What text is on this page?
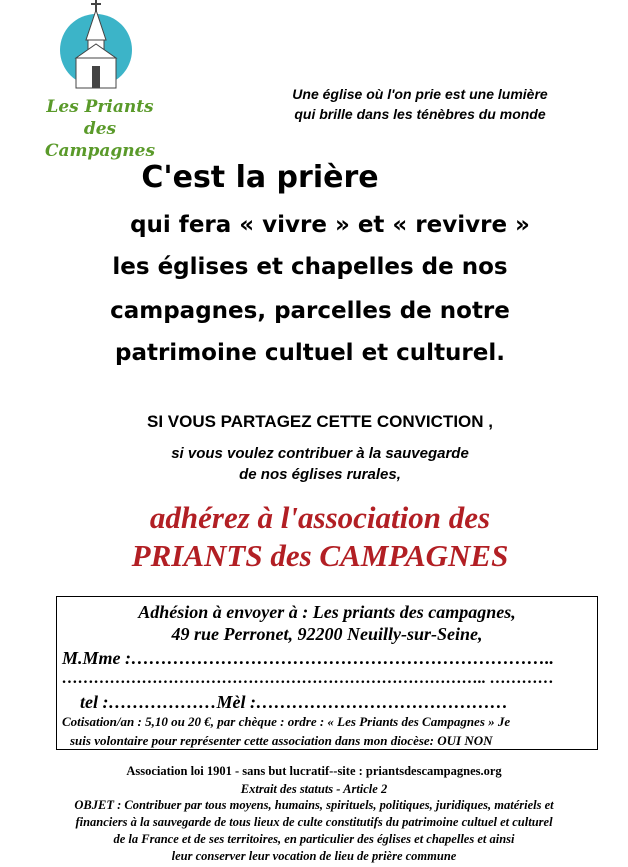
Les Priants
des Campagnes
Une église où l'on prie est une lumière
qui brille dans les ténèbres du monde
C'est la prière
qui fera « vivre » et « revivre »
les églises et chapelles de nos
campagnes, parcelles de notre
patrimoine cultuel et culturel.
SI VOUS PARTAGEZ CETTE CONVICTION ,
si vous voulez contribuer à la sauvegarde
de nos églises rurales,
adhérez à l'association des
PRIANTS des CAMPAGNES
Adhésion à envoyer à : Les priants des campagnes,
49 rue Perronet, 92200 Neuilly-sur-Seine,
M.Mme :……………………………………………………………..
…………………………………………………………………….. …………
tel :………………Mèl :……………………………………
Cotisation/an : 5,10 ou 20 €, par chèque : ordre : « Les Priants des Campagnes » Je
suis volontaire pour représenter cette association dans mon diocèse: OUI NON
Association loi 1901 - sans but lucratif--site : priantsdescampagnes.org
Extrait des statuts - Article 2
OBJET : Contribuer par tous moyens, humains, spirituels, politiques, juridiques, matériels et
financiers à la sauvegarde de tous lieux de culte constitutifs du patrimoine cultuel et culturel
de la France et de ses territoires, en particulier des églises et chapelles et ainsi
leur conserver leur vocation de lieu de prière commune
